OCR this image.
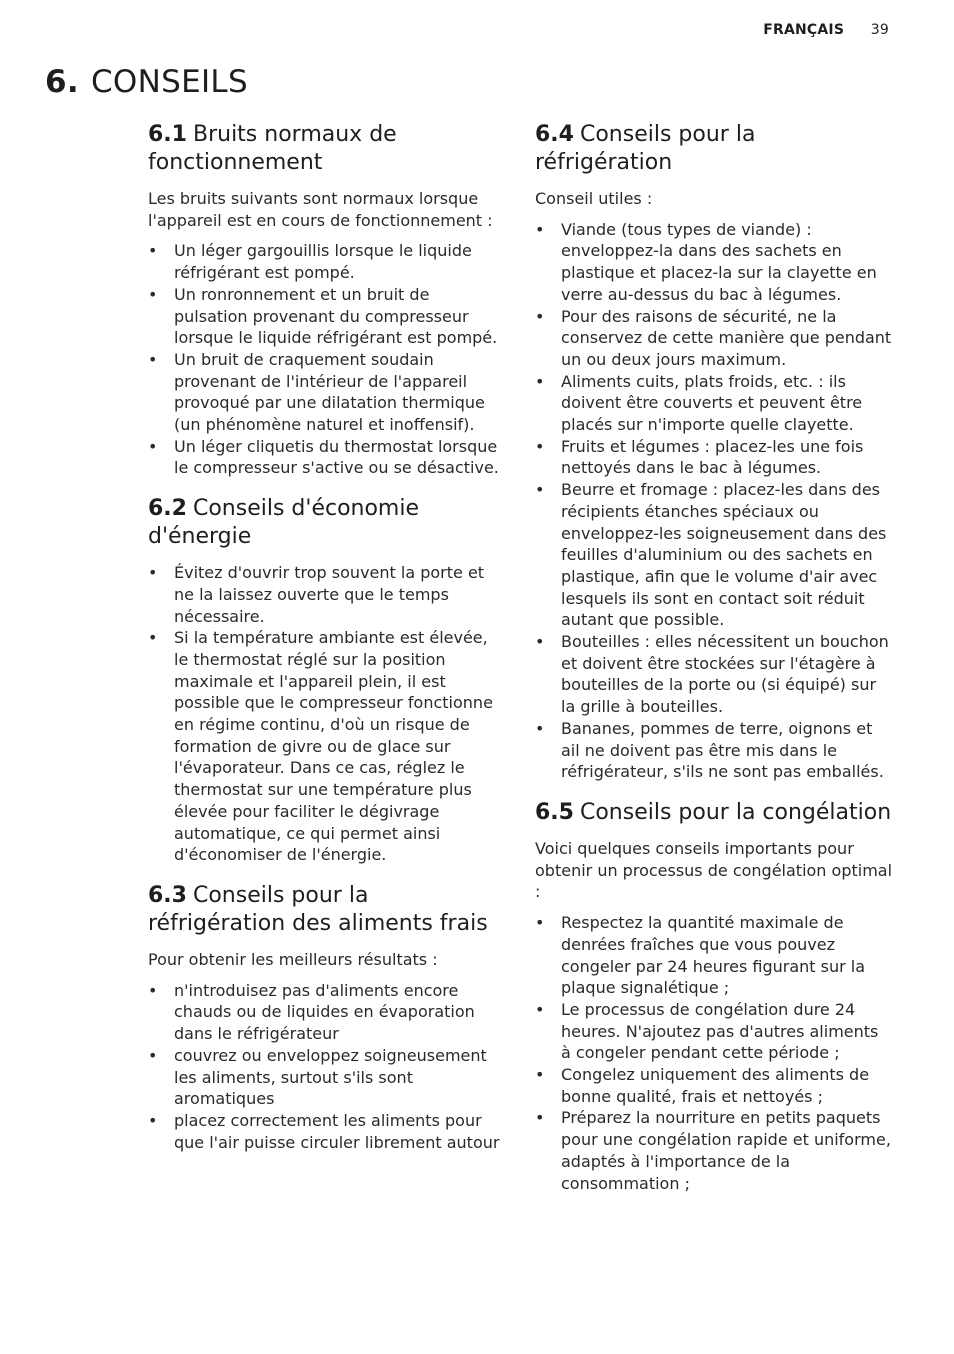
FRANÇAIS 39
6. CONSEILS
6.1 Bruits normaux de fonctionnement

Les bruits suivants sont normaux lorsque l'appareil est en cours de fonctionnement :

• Un léger gargouillis lorsque le liquide réfrigérant est pompé.
• Un ronronnement et un bruit de pulsation provenant du compresseur lorsque le liquide réfrigérant est pompé.
• Un bruit de craquement soudain provenant de l'intérieur de l'appareil provoqué par une dilatation thermique (un phénomène naturel et inoffensif).
• Un léger cliquetis du thermostat lorsque le compresseur s'active ou se désactive.
6.2 Conseils d'économie d'énergie
• Évitez d'ouvrir trop souvent la porte et ne la laissez ouverte que le temps nécessaire.
• Si la température ambiante est élevée, le thermostat réglé sur la position maximale et l'appareil plein, il est possible que le compresseur fonctionne en régime continu, d'où un risque de formation de givre ou de glace sur l'évaporateur. Dans ce cas, réglez le thermostat sur une température plus élevée pour faciliter le dégivrage automatique, ce qui permet ainsi d'économiser de l'énergie.
6.3 Conseils pour la réfrigération des aliments frais

Pour obtenir les meilleurs résultats :

• n'introduisez pas d'aliments encore chauds ou de liquides en évaporation dans le réfrigérateur
• couvrez ou enveloppez soigneusement les aliments, surtout s'ils sont aromatiques
• placez correctement les aliments pour que l'air puisse circuler librement autour
6.4 Conseils pour la réfrigération

Conseil utiles :

• Viande (tous types de viande) : enveloppez-la dans des sachets en plastique et placez-la sur la clayette en verre au-dessus du bac à légumes.
• Pour des raisons de sécurité, ne la conservez de cette manière que pendant un ou deux jours maximum.
• Aliments cuits, plats froids, etc. : ils doivent être couverts et peuvent être placés sur n'importe quelle clayette.
• Fruits et légumes : placez-les une fois nettoyés dans le bac à légumes.
• Beurre et fromage : placez-les dans des récipients étanches spéciaux ou enveloppez-les soigneusement dans des feuilles d'aluminium ou des sachets en plastique, afin que le volume d'air avec lesquels ils sont en contact soit réduit autant que possible.
• Bouteilles : elles nécessitent un bouchon et doivent être stockées sur l'étagère à bouteilles de la porte ou (si équipé) sur la grille à bouteilles.
• Bananes, pommes de terre, oignons et ail ne doivent pas être mis dans le réfrigérateur, s'ils ne sont pas emballés.
6.5 Conseils pour la congélation

Voici quelques conseils importants pour obtenir un processus de congélation optimal :

• Respectez la quantité maximale de denrées fraîches que vous pouvez congeler par 24 heures figurant sur la plaque signalétique ;
• Le processus de congélation dure 24 heures. N'ajoutez pas d'autres aliments à congeler pendant cette période ;
• Congelez uniquement des aliments de bonne qualité, frais et nettoyés ;
• Préparez la nourriture en petits paquets pour une congélation rapide et uniforme, adaptés à l'importance de la consommation ;
